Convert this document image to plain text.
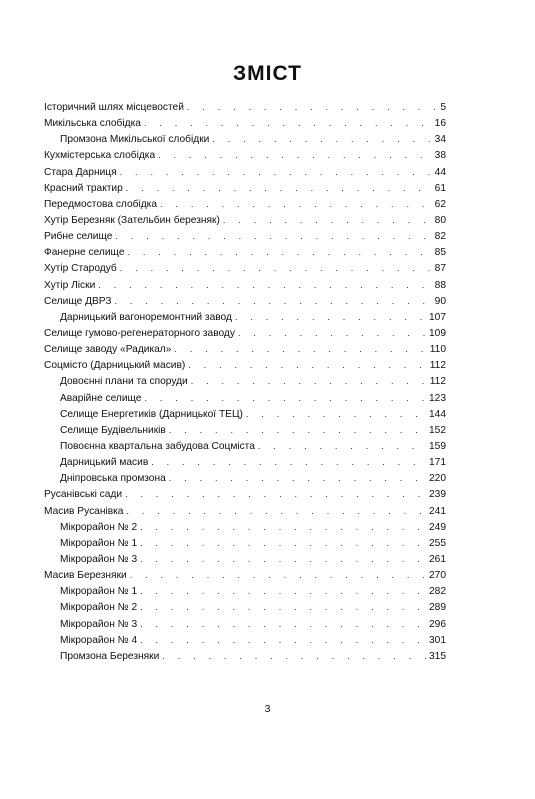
ЗМІСТ
Історичний шлях місцевостей . . .	5
Микільська слобідка . . .	16
Промзона Микільської слобідки . . .	34
Кухмістерська слобідка . . .	38
Стара Дарниця . . .	44
Красний трактир . . .	61
Передмостова слобідка . . .	62
Хутір Березняк (Зательбин березняк) . . .	80
Рибне селище . . .	82
Фанерне селище . . .	85
Хутір Стародуб . . .	87
Хутір Ліски . . .	88
Селище ДВРЗ . . .	90
Дарницький вагоноремонтний завод . . .	107
Селище гумово-регенераторного заводу . . .	109
Селище заводу «Радикал» . . .	110
Соцмісто (Дарницький масив) . . .	112
Довоєнні плани та споруди . . .	112
Аварійне селище . . .	123
Селище Енергетиків (Дарницької ТЕЦ) . . .	144
Селище Будівельників . . .	152
Повоєнна квартальна забудова Соцміста . . .	159
Дарницький масив . . .	171
Дніпровська промзона . . .	220
Русанівські сади . . .	239
Масив Русанівка . . .	241
Мікрорайон № 2 . . .	249
Мікрорайон № 1 . . .	255
Мікрорайон № 3 . . .	261
Масив Березняки . . .	270
Мікрорайон № 1 . . .	282
Мікрорайон № 2 . . .	289
Мікрорайон № 3 . . .	296
Мікрорайон № 4 . . .	301
Промзона Березняки . . .	315
3
